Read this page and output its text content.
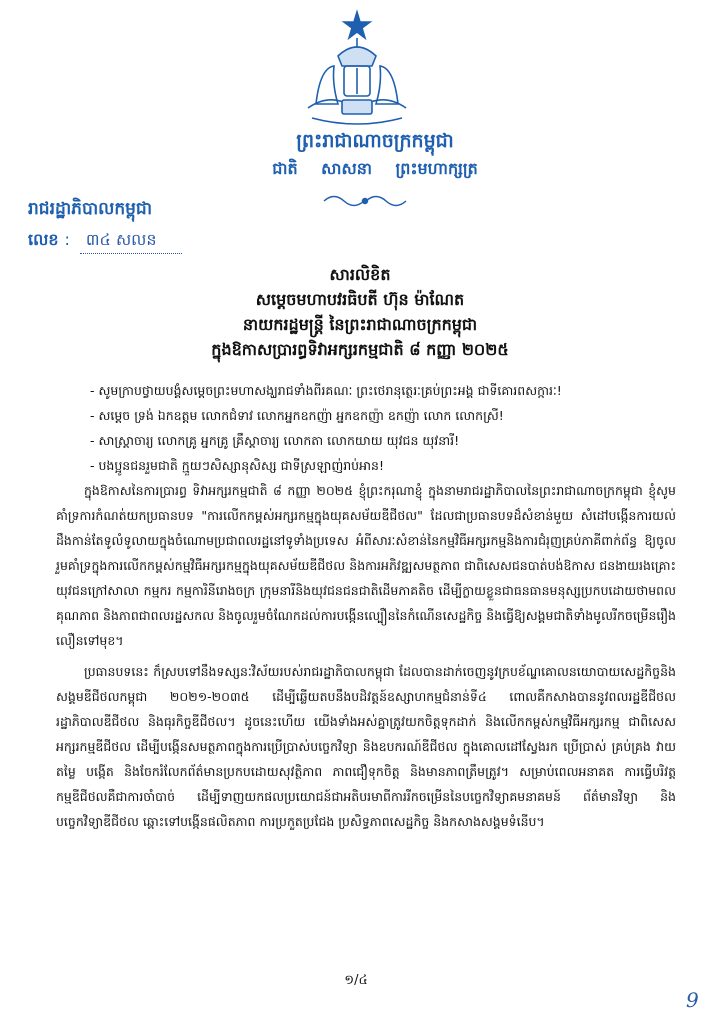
ព្រះរាជាណាចក្រកម្ពុជា
ជាតិ សាសនា ព្រះមហាក្សត្រ
រាជរដ្ឋាភិបាលកម្ពុជា
លេខ :	៣៤ សលន
សារលិខិត
សម្តេចមហាបវរធិបតី ហ៊ុន ម៉ាណែត
នាយករដ្ឋមន្ត្រី នៃព្រះរាជាណាចក្រកម្ពុជា
ក្នុងឱកាសប្រារព្ធទិវាអក្សរកម្មជាតិ ៨ កញ្ញា ២០២៥
- សូមក្រាបថ្វាយបង្គំសម្តេចព្រះមហាសង្ឃរាជទាំងពីរគណៈ ព្រះថេរានុត្ថេរៈគ្រប់ព្រះអង្គ ជាទីគោរពសក្ការៈ!
- សម្តេច ទ្រង់ ឯកឧត្តម លោកជំទាវ លោកអ្នកឧកញ៉ា អ្នកឧកញ៉ា ឧកញ៉ា លោក លោកស្រី!
- សាស្ត្រាចារ្យ លោកគ្រូ អ្នកគ្រូ គ្រឹស្តាចារ្យ លោកតា លោកយាយ យុវជន យុវនារី!
- បងប្អូនជនរួមជាតិ ក្មួយៗសិស្សានុសិស្ស ជាទីស្រឡាញ់រាប់អាន!

ក្នុងឱកាសនៃការប្រារព្ធ ទិវាអក្សរកម្មជាតិ ៨ កញ្ញា ២០២៥ ខ្ញុំព្រះករុណាខ្ញុំ ក្នុងនាមរាជរដ្ឋាភិបាលនៃព្រះរាជាណាចក្រកម្ពុជា ខ្ញុំសូមគាំទ្រការកំណត់យកប្រធានបទ "ការលើកកម្ពស់អក្សរកម្មក្នុងយុគសម័យឌីជីថល" ដែលជាប្រធានបទដ៏សំខាន់មួយ សំដៅបង្កើនការយល់ដឹងកាន់តែទូលំទូលាយក្នុងចំណោមប្រជាពលរដ្ឋនៅទូទាំងប្រទេស អំពីសារៈសំខាន់នៃកម្មវិធីអក្សរកម្មនិងការជំរុញគ្រប់ភាគីពាក់ព័ន្ធ ឱ្យចូលរួមគាំទ្រក្នុងការលើកកម្ពស់កម្មវិធីអក្សរកម្មក្នុងយុគសម័យឌីជីថល និងការអភិវឌ្ឍសមត្ថភាព ជាពិសេសជនបាត់បង់ឱកាស ជនងាយរងគ្រោះ យុវជនក្រៅសាលា កម្មករ កម្មការិនីរោងចក្រ ក្រុមនារីនិងយុវជនជនជាតិដើមភាគតិច ដើម្បីក្លាយខ្លួនជាធនធានមនុស្សប្រកបដោយថាមពល គុណភាព និងភាពជាពលរដ្ឋសកល និងចូលរួមចំណែកដល់ការបង្កើនល្បឿននៃកំណើនសេដ្ឋកិច្ច និងធ្វើឱ្យសង្គមជាតិទាំងមូលរីកចម្រើនរឿងលឿនទៅមុខ។

ប្រធានបទនេះ ក៏ស្របទៅនឹងទស្សនៈវិស័យរបស់រាជរដ្ឋាភិបាលកម្ពុជា ដែលបានដាក់ចេញនូវក្របខ័ណ្ឌគោលនយោបាយសេដ្ឋកិច្ចនិងសង្គមឌីជីថលកម្ពុជា ២០២១-២០៣៥ ដើម្បីឆ្លើយតបនឹងបដិវត្តន៍ឧស្សាហកម្មជំនាន់ទី៤ ពោលគឺកសាងបាននូវពលរដ្ឋឌីជីថល រដ្ឋាភិបាលឌីជីថល និងធុរកិច្ចឌីជីថល។ ដូចនេះហើយ យើងទាំងអស់គ្នាត្រូវយកចិត្តទុកដាក់ និងលើកកម្ពស់កម្មវិធីអក្សរកម្ម ជាពិសេសអក្សរកម្មឌីជីថល ដើម្បីបង្កើនសមត្ថភាពក្នុងការប្រើប្រាស់បច្ចេកវិទ្យា និងឧបករណ៍ឌីជីថល ក្នុងគោលដៅស្វែងរក ប្រើប្រាស់ គ្រប់គ្រង វាយតម្លៃ បង្កើត និងចែករំលែកព័ត៌មានប្រកបដោយសុវត្ថិភាព ភាពជឿទុកចិត្ត និងមានភាពត្រឹមត្រូវ។ សម្រាប់ពេលអនាគត ការធ្វើបរិវត្តកម្មឌីជីថលគឺជាការចាំបាច់ ដើម្បីទាញយកផលប្រយោជន៍ជាអតិបរមាពីការរីកចម្រើននៃបច្ចេកវិទ្យាគមនាគមន៍ ព័ត៌មានវិទ្យា និងបច្ចេកវិទ្យាឌីជីថល ឆ្ពោះទៅបង្កើនផលិតភាព ការប្រកួតប្រជែង ប្រសិទ្ធភាពសេដ្ឋកិច្ច និងកសាងសង្គមទំនើប។

១/៤
9
